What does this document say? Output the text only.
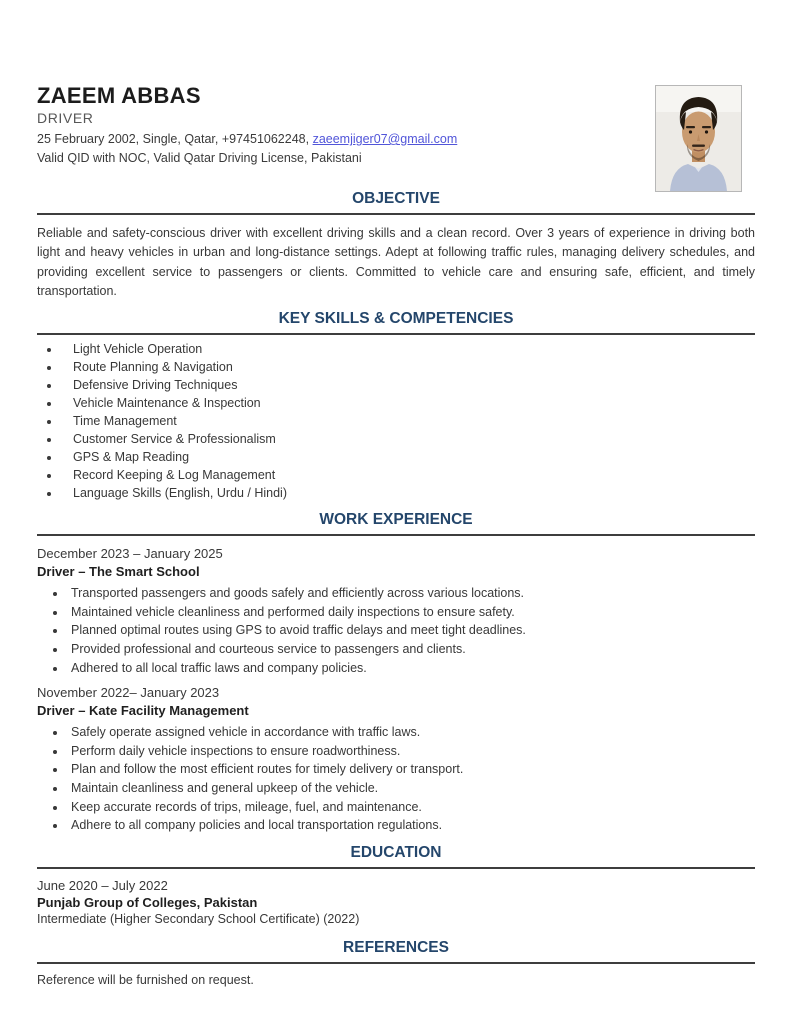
ZAEEM ABBAS
DRIVER
25 February 2002, Single, Qatar, +97451062248, zaeemjiger07@gmail.com
Valid QID with NOC, Valid Qatar Driving License, Pakistani
OBJECTIVE

Reliable and safety-conscious driver with excellent driving skills and a clean record. Over 3 years of experience in driving both light and heavy vehicles in urban and long-distance settings. Adept at following traffic rules, managing delivery schedules, and providing excellent service to passengers or clients. Committed to vehicle care and ensuring safe, efficient, and timely transportation.

KEY SKILLS & COMPETENCIES
• Light Vehicle Operation
• Route Planning & Navigation
• Defensive Driving Techniques
• Vehicle Maintenance & Inspection
• Time Management
• Customer Service & Professionalism
• GPS & Map Reading
• Record Keeping & Log Management
• Language Skills (English, Urdu / Hindi)
WORK EXPERIENCE
December 2023 – January 2025
Driver – The Smart School
• Transported passengers and goods safely and efficiently across various locations.
• Maintained vehicle cleanliness and performed daily inspections to ensure safety.
• Planned optimal routes using GPS to avoid traffic delays and meet tight deadlines.
• Provided professional and courteous service to passengers and clients.
• Adhered to all local traffic laws and company policies.
November 2022– January 2023
Driver – Kate Facility Management
• Safely operate assigned vehicle in accordance with traffic laws.
• Perform daily vehicle inspections to ensure roadworthiness.
• Plan and follow the most efficient routes for timely delivery or transport.
• Maintain cleanliness and general upkeep of the vehicle.
• Keep accurate records of trips, mileage, fuel, and maintenance.
• Adhere to all company policies and local transportation regulations.
EDUCATION
June 2020 – July 2022
Punjab Group of Colleges, Pakistan
Intermediate (Higher Secondary School Certificate) (2022)
REFERENCES

Reference will be furnished on request.
